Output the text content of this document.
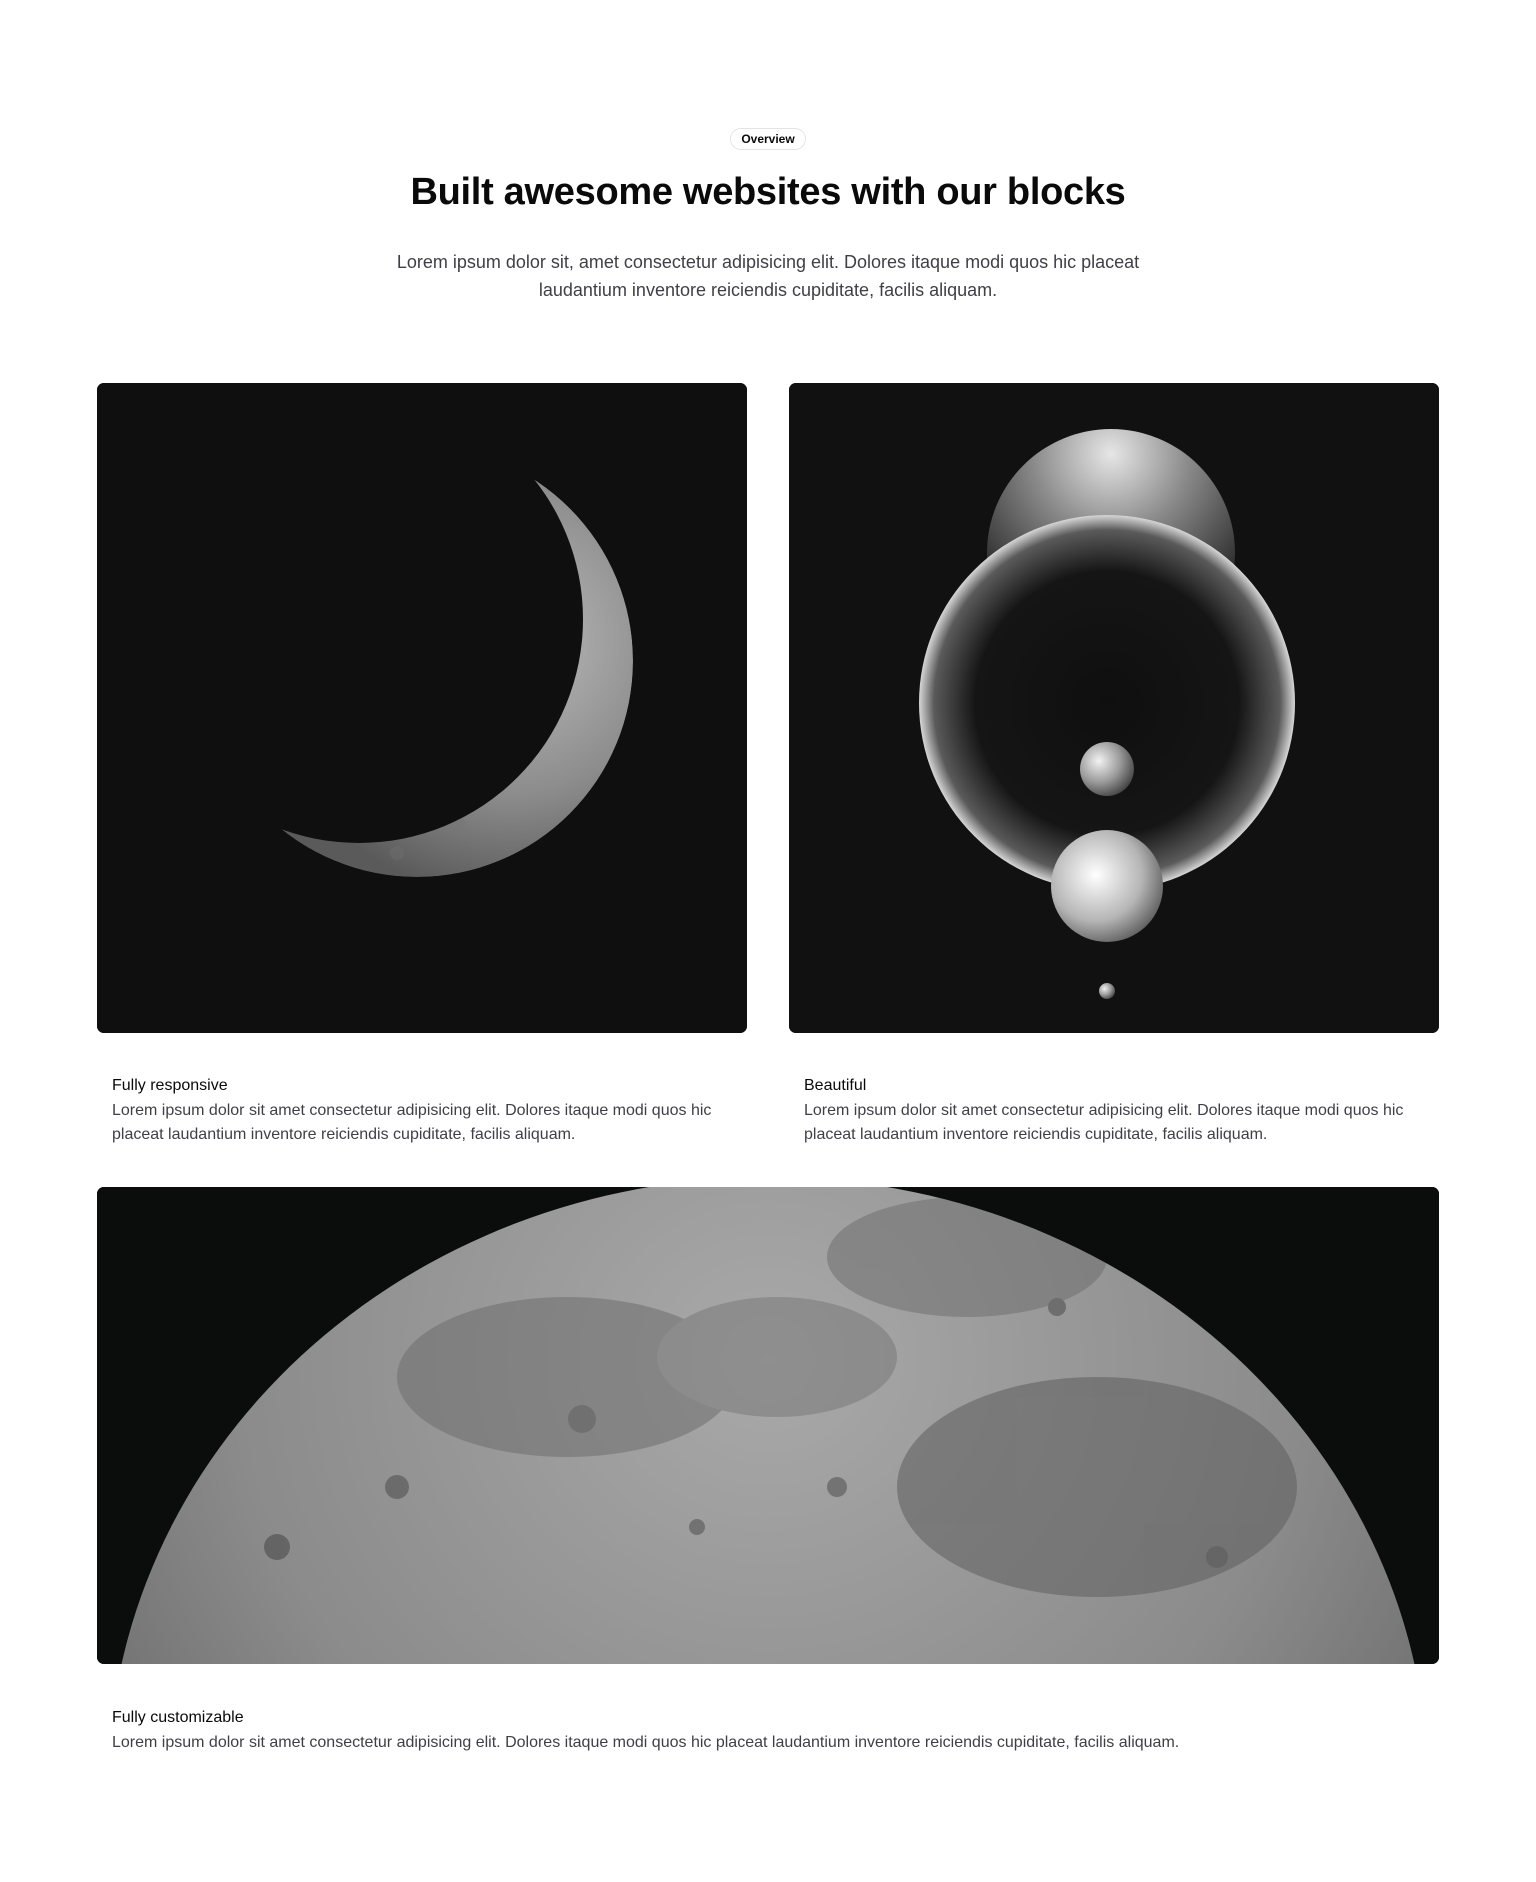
Overview
Built awesome websites with our blocks

Lorem ipsum dolor sit, amet consectetur adipisicing elit. Dolores itaque modi quos hic placeat laudantium inventore reiciendis cupiditate, facilis aliquam.

Fully responsive

Lorem ipsum dolor sit amet consectetur adipisicing elit. Dolores itaque modi quos hic placeat laudantium inventore reiciendis cupiditate, facilis aliquam.

Beautiful

Lorem ipsum dolor sit amet consectetur adipisicing elit. Dolores itaque modi quos hic placeat laudantium inventore reiciendis cupiditate, facilis aliquam.

Fully customizable

Lorem ipsum dolor sit amet consectetur adipisicing elit. Dolores itaque modi quos hic placeat laudantium inventore reiciendis cupiditate, facilis aliquam.
